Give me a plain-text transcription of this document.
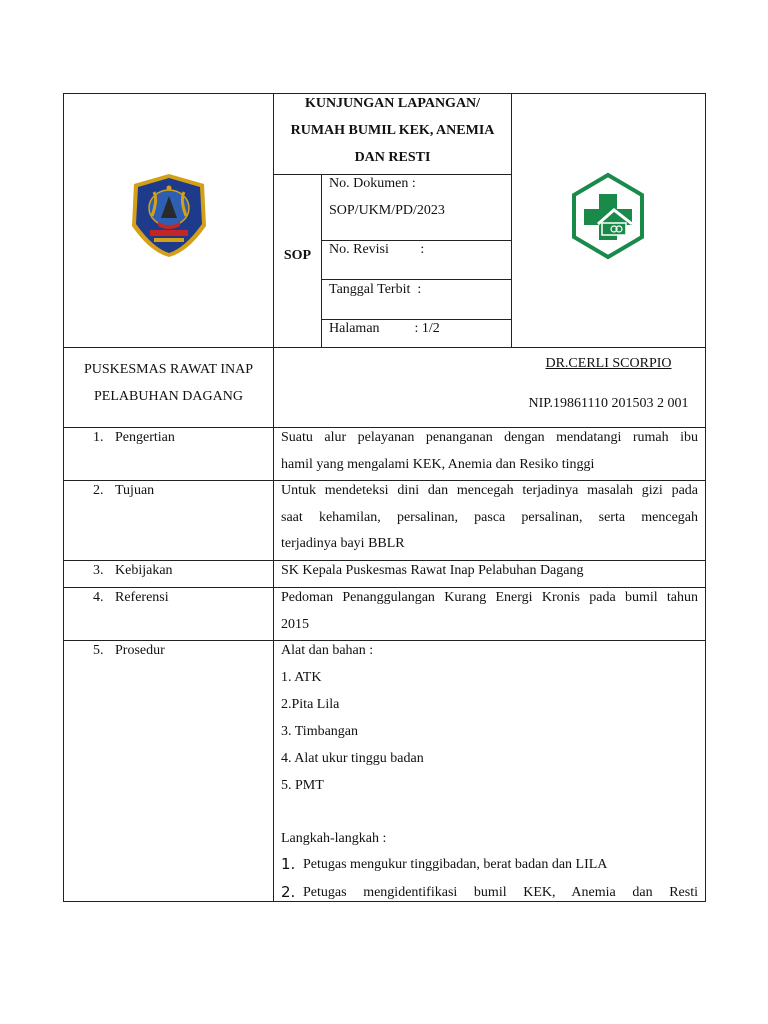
KUNJUNGAN LAPANGAN/
RUMAH BUMIL KEK, ANEMIA
DAN RESTI
SOP
No. Dokumen :
SOP/UKM/PD/2023
No. Revisi         :
Tanggal Terbit  :
Halaman          : 1/2
PUSKESMAS RAWAT INAP
PELABUHAN DAGANG
DR.CERLI SCORPIO
NIP.19861110 201503 2 001
1. Pengertian
2. Tujuan
3. Kebijakan
4. Referensi
5. Prosedur
Suatu alur pelayanan penanganan dengan mendatangi rumah ibu
hamil yang mengalami KEK, Anemia dan Resiko tinggi
Untuk mendeteksi dini dan mencegah terjadinya masalah gizi pada
saat kehamilan, persalinan, pasca persalinan, serta mencegah
terjadinya bayi BBLR
SK Kepala Puskesmas Rawat Inap Pelabuhan Dagang
Pedoman Penanggulangan Kurang Energi Kronis pada bumil tahun
2015
Alat dan bahan :
1. ATK
2.Pita Lila
3. Timbangan
4. Alat ukur tinggu badan
5. PMT
Langkah-langkah :
1. Petugas mengukur tinggibadan, berat badan dan LILA
2. Petugas mengidentifikasi bumil KEK, Anemia dan Resti
